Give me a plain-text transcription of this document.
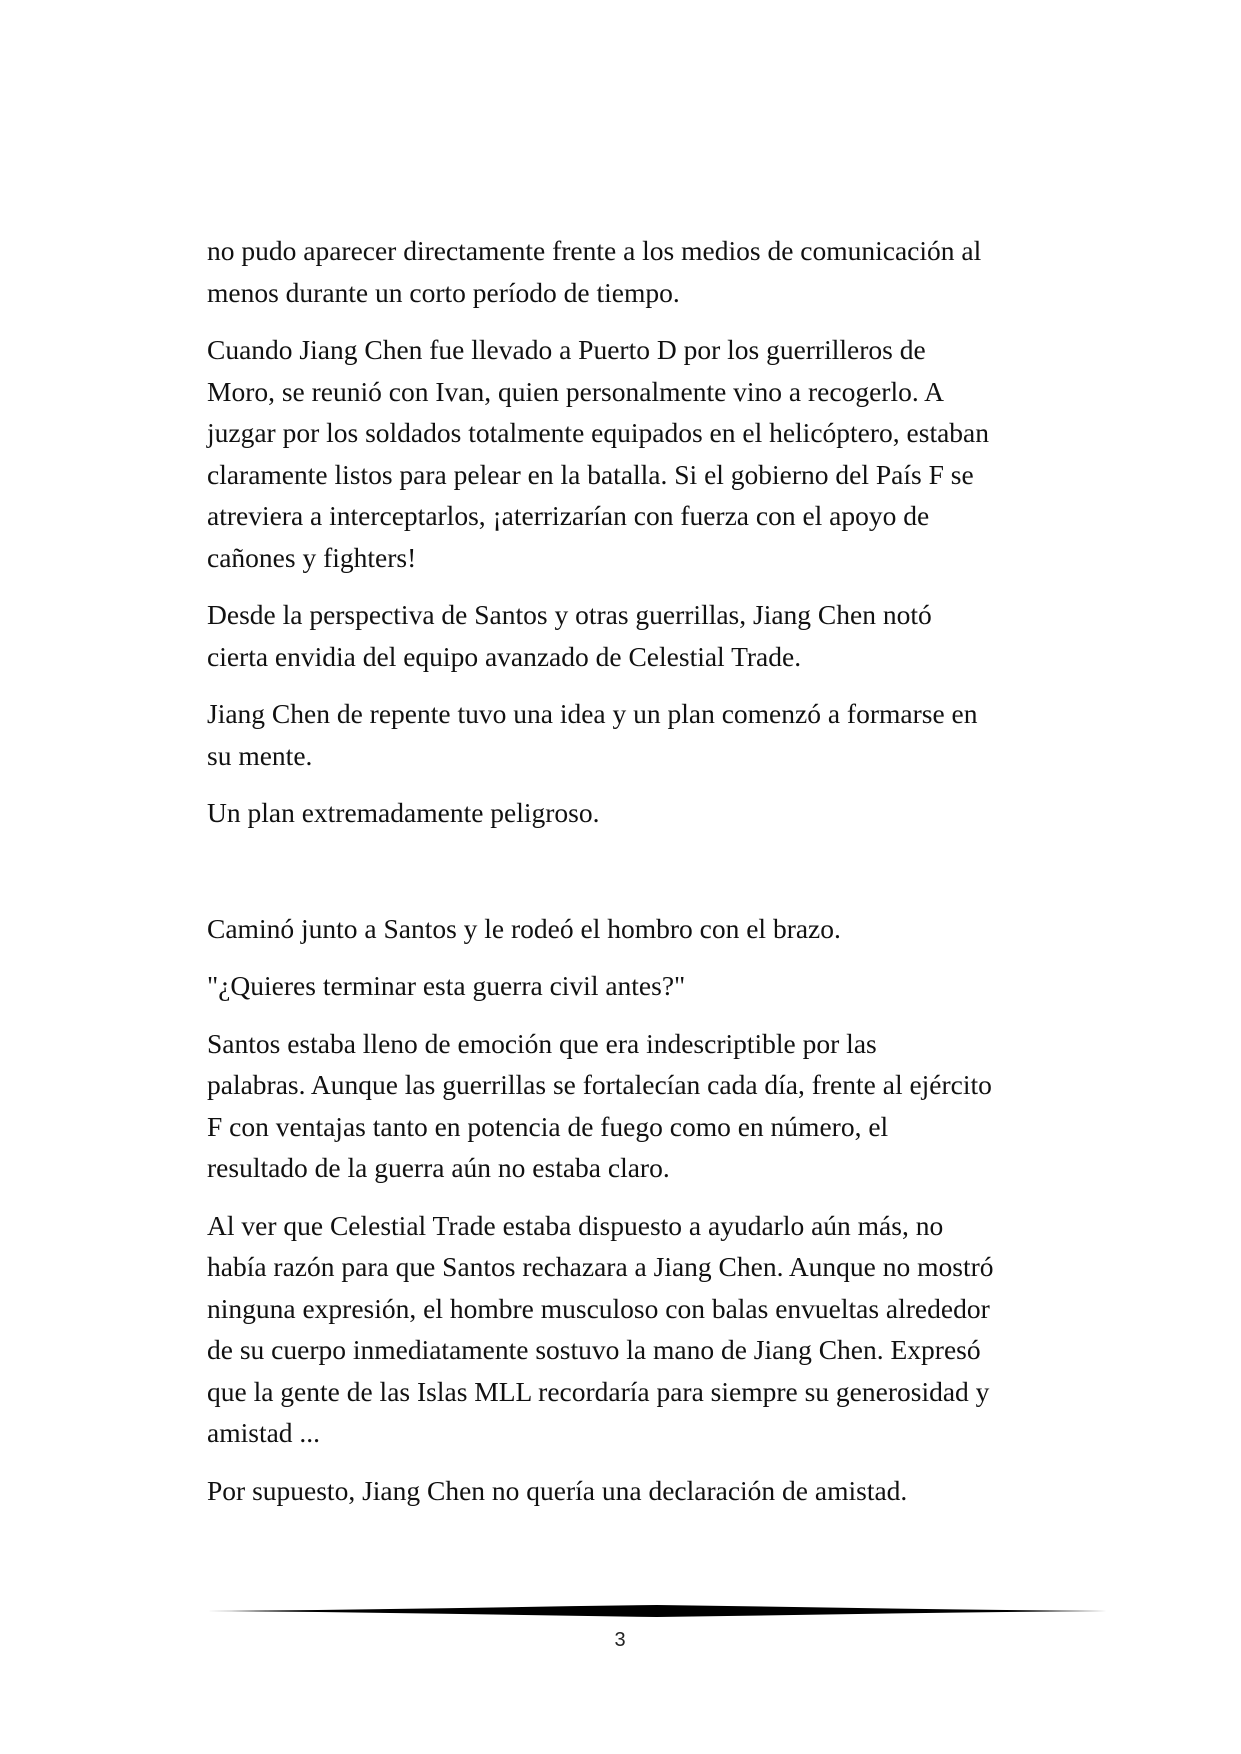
no pudo aparecer directamente frente a los medios de comunicación al
menos durante un corto período de tiempo.

Cuando Jiang Chen fue llevado a Puerto D por los guerrilleros de
Moro, se reunió con Ivan, quien personalmente vino a recogerlo. A
juzgar por los soldados totalmente equipados en el helicóptero, estaban
claramente listos para pelear en la batalla. Si el gobierno del País F se
atreviera a interceptarlos, ¡aterrizarían con fuerza con el apoyo de
cañones y fighters!

Desde la perspectiva de Santos y otras guerrillas, Jiang Chen notó
cierta envidia del equipo avanzado de Celestial Trade.

Jiang Chen de repente tuvo una idea y un plan comenzó a formarse en
su mente.

Un plan extremadamente peligroso.

Caminó junto a Santos y le rodeó el hombro con el brazo.

"¿Quieres terminar esta guerra civil antes?"

Santos estaba lleno de emoción que era indescriptible por las
palabras. Aunque las guerrillas se fortalecían cada día, frente al ejército
F con ventajas tanto en potencia de fuego como en número, el
resultado de la guerra aún no estaba claro.

Al ver que Celestial Trade estaba dispuesto a ayudarlo aún más, no
había razón para que Santos rechazara a Jiang Chen. Aunque no mostró
ninguna expresión, el hombre musculoso con balas envueltas alrededor
de su cuerpo inmediatamente sostuvo la mano de Jiang Chen. Expresó
que la gente de las Islas MLL recordaría para siempre su generosidad y
amistad ...

Por supuesto, Jiang Chen no quería una declaración de amistad.

3
